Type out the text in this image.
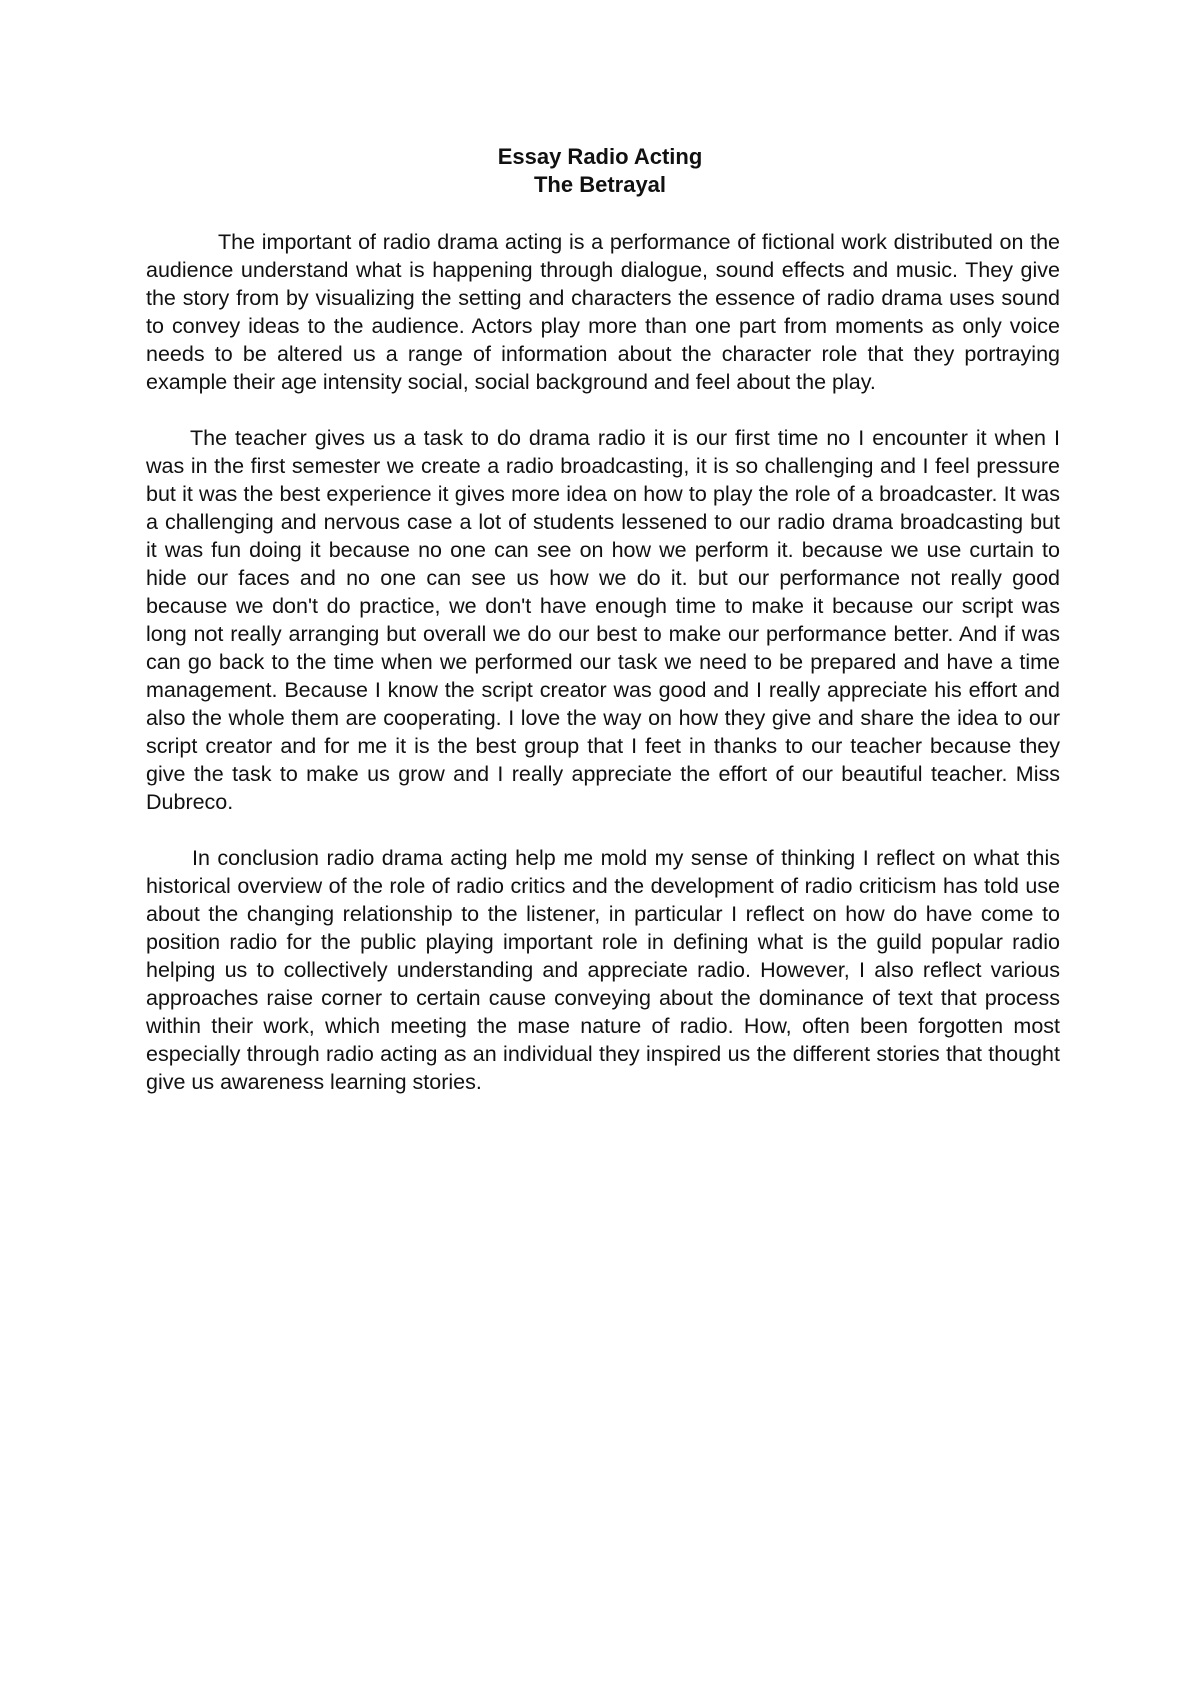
Essay Radio Acting
The Betrayal

The important of radio drama acting is a performance of fictional work distributed on the audience understand what is happening through dialogue, sound effects and music. They give the story from by visualizing the setting and characters the essence of radio drama uses sound to convey ideas to the audience. Actors play more than one part from moments as only voice needs to be altered us a range of information about the character role that they portraying example their age intensity social, social background and feel about the play.

The teacher gives us a task to do drama radio it is our first time no I encounter it when I was in the first semester we create a radio broadcasting, it is so challenging and I feel pressure but it was the best experience it gives more idea on how to play the role of a broadcaster. It was a challenging and nervous case a lot of students lessened to our radio drama broadcasting but it was fun doing it because no one can see on how we perform it. because we use curtain to hide our faces and no one can see us how we do it. but our performance not really good because we don't do practice, we don't have enough time to make it because our script was long not really arranging but overall we do our best to make our performance better. And if was can go back to the time when we performed our task we need to be prepared and have a time management. Because I know the script creator was good and I really appreciate his effort and also the whole them are cooperating. I love the way on how they give and share the idea to our script creator and for me it is the best group that I feet in thanks to our teacher because they give the task to make us grow and I really appreciate the effort of our beautiful teacher. Miss Dubreco.

In conclusion radio drama acting help me mold my sense of thinking I reflect on what this historical overview of the role of radio critics and the development of radio criticism has told use about the changing relationship to the listener, in particular I reflect on how do have come to position radio for the public playing important role in defining what is the guild popular radio helping us to collectively understanding and appreciate radio. However, I also reflect various approaches raise corner to certain cause conveying about the dominance of text that process within their work, which meeting the mase nature of radio. How, often been forgotten most especially through radio acting as an individual they inspired us the different stories that thought give us awareness learning stories.
